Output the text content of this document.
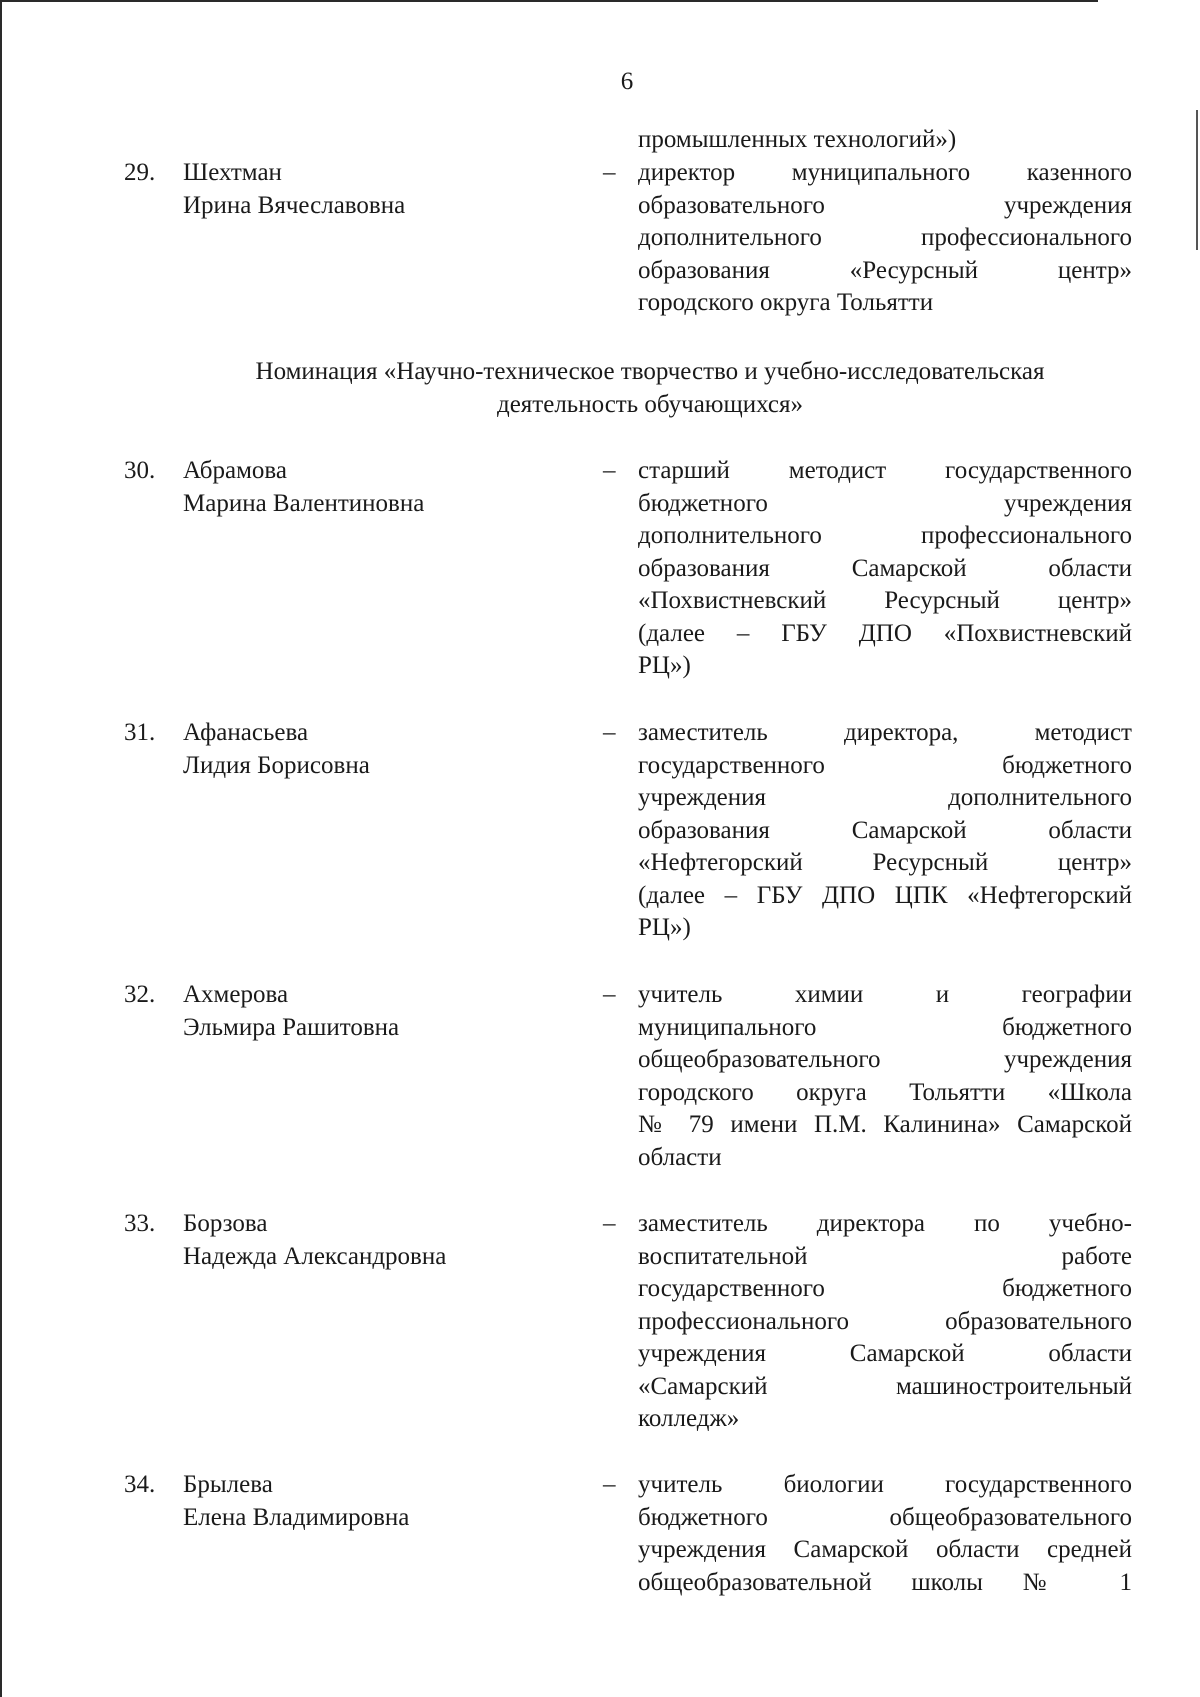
6
промышленных технологий»)
29. Шехтман
Ирина Вячеславовна
– директор муниципального казенного
образовательного учреждения
дополнительного профессионального
образования «Ресурсный центр»
городского округа Тольятти
Номинация «Научно-техническое творчество и учебно-исследовательская
деятельность обучающихся»
30. Абрамова
Марина Валентиновна
– старший методист государственного
бюджетного учреждения
дополнительного профессионального
образования Самарской области
«Похвистневский Ресурсный центр»
(далее – ГБУ ДПО «Похвистневский
РЦ»)
31. Афанасьева
Лидия Борисовна
– заместитель директора, методист
государственного бюджетного
учреждения дополнительного
образования Самарской области
«Нефтегорский Ресурсный центр»
(далее – ГБУ ДПО ЦПК «Нефтегорский
РЦ»)
32. Ахмерова
Эльмира Рашитовна
– учитель химии и географии
муниципального бюджетного
общеобразовательного учреждения
городского округа Тольятти «Школа
№ 79 имени П.М. Калинина» Самарской
области
33. Борзова
Надежда Александровна
– заместитель директора по учебно-
воспитательной работе
государственного бюджетного
профессионального образовательного
учреждения Самарской области
«Самарский машиностроительный
колледж»
34. Брылева
Елена Владимировна
– учитель биологии государственного
бюджетного общеобразовательного
учреждения Самарской области средней
общеобразовательной школы № 1
